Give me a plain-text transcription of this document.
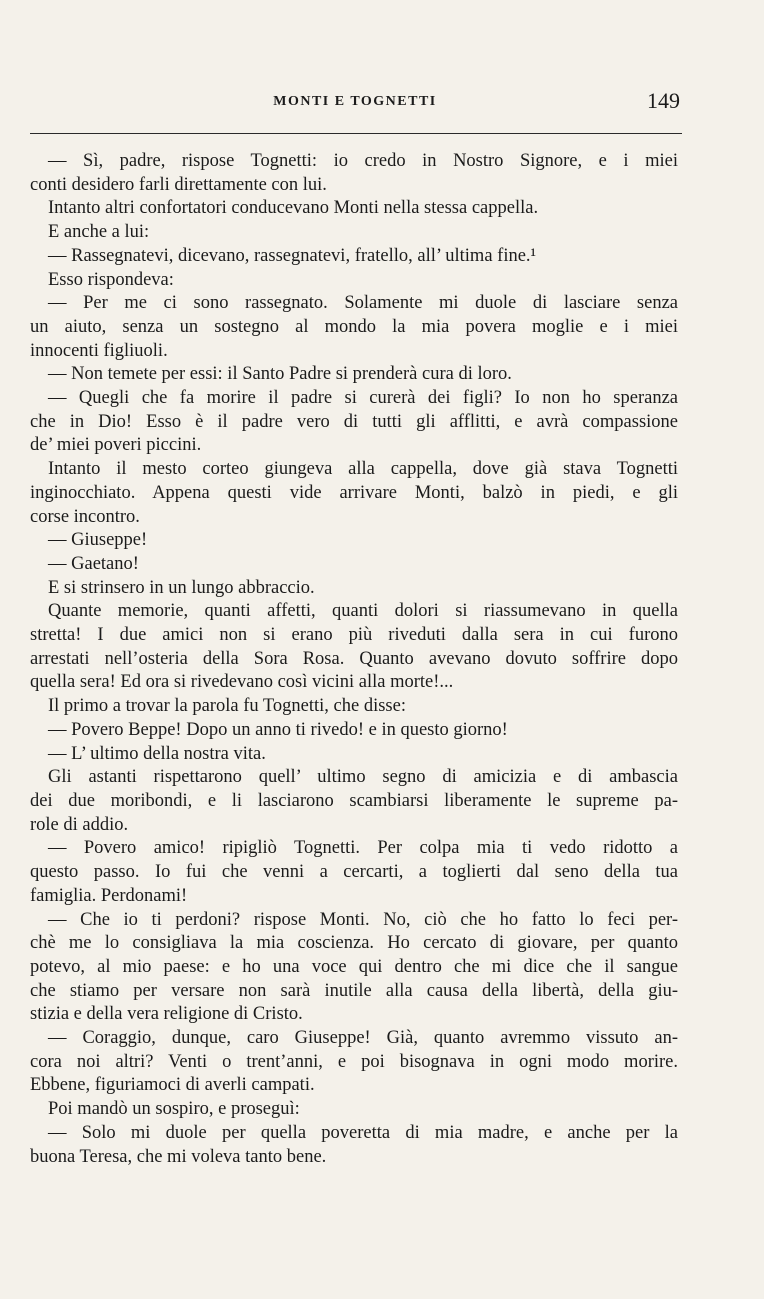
MONTI E TOGNETTI	149
— Sì, padre, rispose Tognetti: io credo in Nostro Signore, e i miei
conti desidero farli direttamente con lui.
Intanto altri confortatori conducevano Monti nella stessa cappella.
E anche a lui:
— Rassegnatevi, dicevano, rassegnatevi, fratello, all’ ultima fine.¹
Esso rispondeva:
— Per me ci sono rassegnato. Solamente mi duole di lasciare senza
un aiuto, senza un sostegno al mondo la mia povera moglie e i miei
innocenti figliuoli.
— Non temete per essi: il Santo Padre si prenderà cura di loro.
— Quegli che fa morire il padre si curerà dei figli? Io non ho speranza
che in Dio! Esso è il padre vero di tutti gli afflitti, e avrà compassione
de’ miei poveri piccini.
Intanto il mesto corteo giungeva alla cappella, dove già stava Tognetti
inginocchiato. Appena questi vide arrivare Monti, balzò in piedi, e gli
corse incontro.
— Giuseppe!
— Gaetano!
E si strinsero in un lungo abbraccio.
Quante memorie, quanti affetti, quanti dolori si riassumevano in quella
stretta! I due amici non si erano più riveduti dalla sera in cui furono
arrestati nell’osteria della Sora Rosa. Quanto avevano dovuto soffrire dopo
quella sera! Ed ora si rivedevano così vicini alla morte!...
Il primo a trovar la parola fu Tognetti, che disse:
— Povero Beppe! Dopo un anno ti rivedo! e in questo giorno!
— L’ ultimo della nostra vita.
Gli astanti rispettarono quell’ ultimo segno di amicizia e di ambascia
dei due moribondi, e li lasciarono scambiarsi liberamente le supreme pa-
role di addio.
— Povero amico! ripigliò Tognetti. Per colpa mia ti vedo ridotto a
questo passo. Io fui che venni a cercarti, a toglierti dal seno della tua
famiglia. Perdonami!
— Che io ti perdoni? rispose Monti. No, ciò che ho fatto lo feci per-
chè me lo consigliava la mia coscienza. Ho cercato di giovare, per quanto
potevo, al mio paese: e ho una voce qui dentro che mi dice che il sangue
che stiamo per versare non sarà inutile alla causa della libertà, della giu-
stizia e della vera religione di Cristo.
— Coraggio, dunque, caro Giuseppe! Già, quanto avremmo vissuto an-
cora noi altri? Venti o trent’anni, e poi bisognava in ogni modo morire.
Ebbene, figuriamoci di averli campati.
Poi mandò un sospiro, e proseguì:
— Solo mi duole per quella poveretta di mia madre, e anche per la
buona Teresa, che mi voleva tanto bene.
